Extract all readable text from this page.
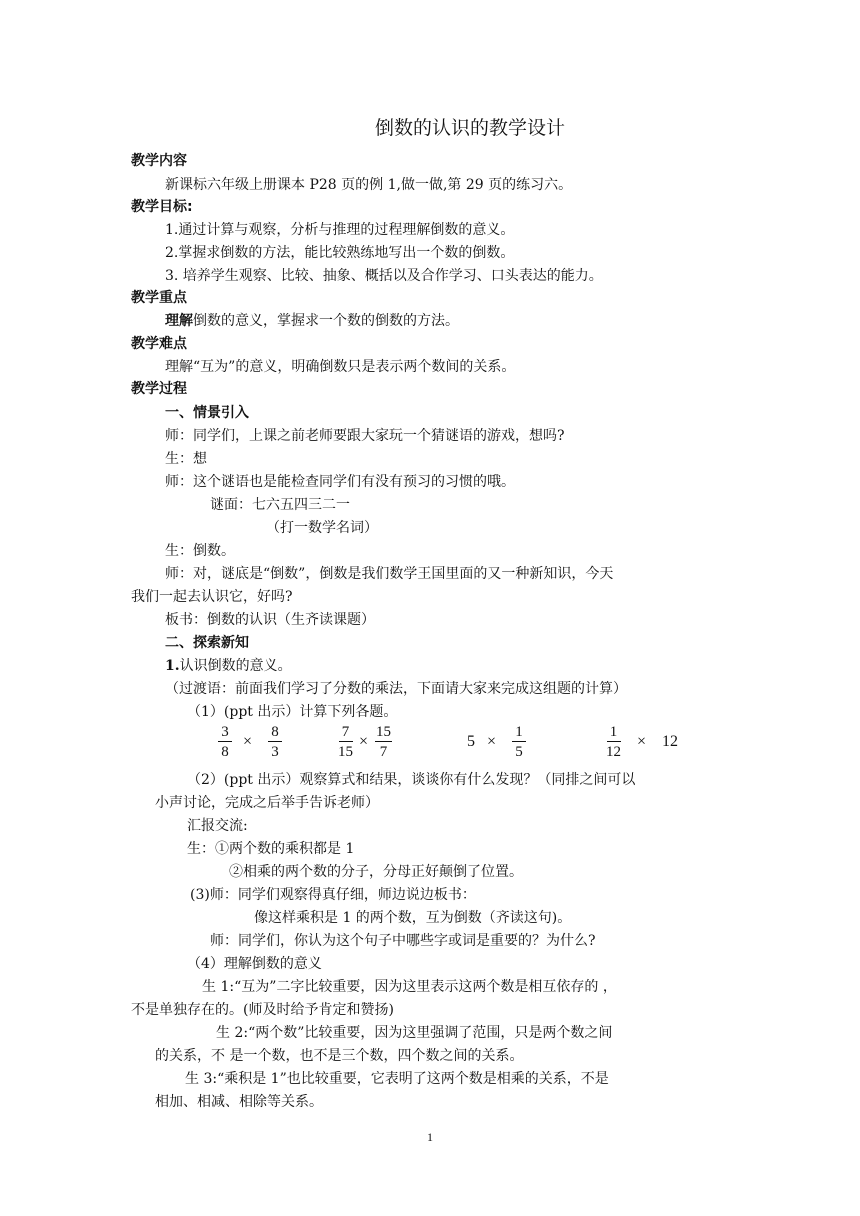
倒数的认识的教学设计
教学内容
新课标六年级上册课本 P28 页的例 1,做一做,第 29 页的练习六。
教学目标:
1.通过计算与观察，分析与推理的过程理解倒数的意义。
2.掌握求倒数的方法，能比较熟练地写出一个数的倒数。
3. 培养学生观察、比较、抽象、概括以及合作学习、口头表达的能力。
教学重点
理解倒数的意义，掌握求一个数的倒数的方法。
教学难点
理解“互为”的意义，明确倒数只是表示两个数间的关系。
教学过程
一、情景引入
师：同学们，上课之前老师要跟大家玩一个猜谜语的游戏，想吗?
生：想
师：这个谜语也是能检查同学们有没有预习的习惯的哦。
谜面：七六五四三二一
（打一数学名词）
生：倒数。
师：对，谜底是“倒数”，倒数是我们数学王国里面的又一种新知识，今天
我们一起去认识它，好吗?
板书：倒数的认识（生齐读课题）
二、探索新知
1.认识倒数的意义。
（过渡语：前面我们学习了分数的乘法，下面请大家来完成这组题的计算）
（1）(ppt 出示）计算下列各题。
$\frac{3}{8} \times \frac{8}{3}$	$\frac{7}{15} \times \frac{15}{7}$	$5 \times \frac{1}{5}$	$\frac{1}{12} \times 12$
（2）(ppt 出示）观察算式和结果，谈谈你有什么发现？（同排之间可以
小声讨论，完成之后举手告诉老师）
汇报交流:
生：①两个数的乘积都是 1
②相乘的两个数的分子，分母正好颠倒了位置。
(3)师：同学们观察得真仔细，师边说边板书：
像这样乘积是 1 的两个数，互为倒数（齐读这句)。
师：同学们，你认为这个句子中哪些字或词是重要的？为什么?
（4）理解倒数的意义
生 1:“互为”二字比较重要，因为这里表示这两个数是相互依存的 ，
不是单独存在的。(师及时给予肯定和赞扬)
生 2:“两个数”比较重要，因为这里强调了范围，只是两个数之间
的关系，不 是一个数，也不是三个数，四个数之间的关系。
生 3:“乘积是 1”也比较重要，它表明了这两个数是相乘的关系，不是
相加、相减、相除等关系。
1
